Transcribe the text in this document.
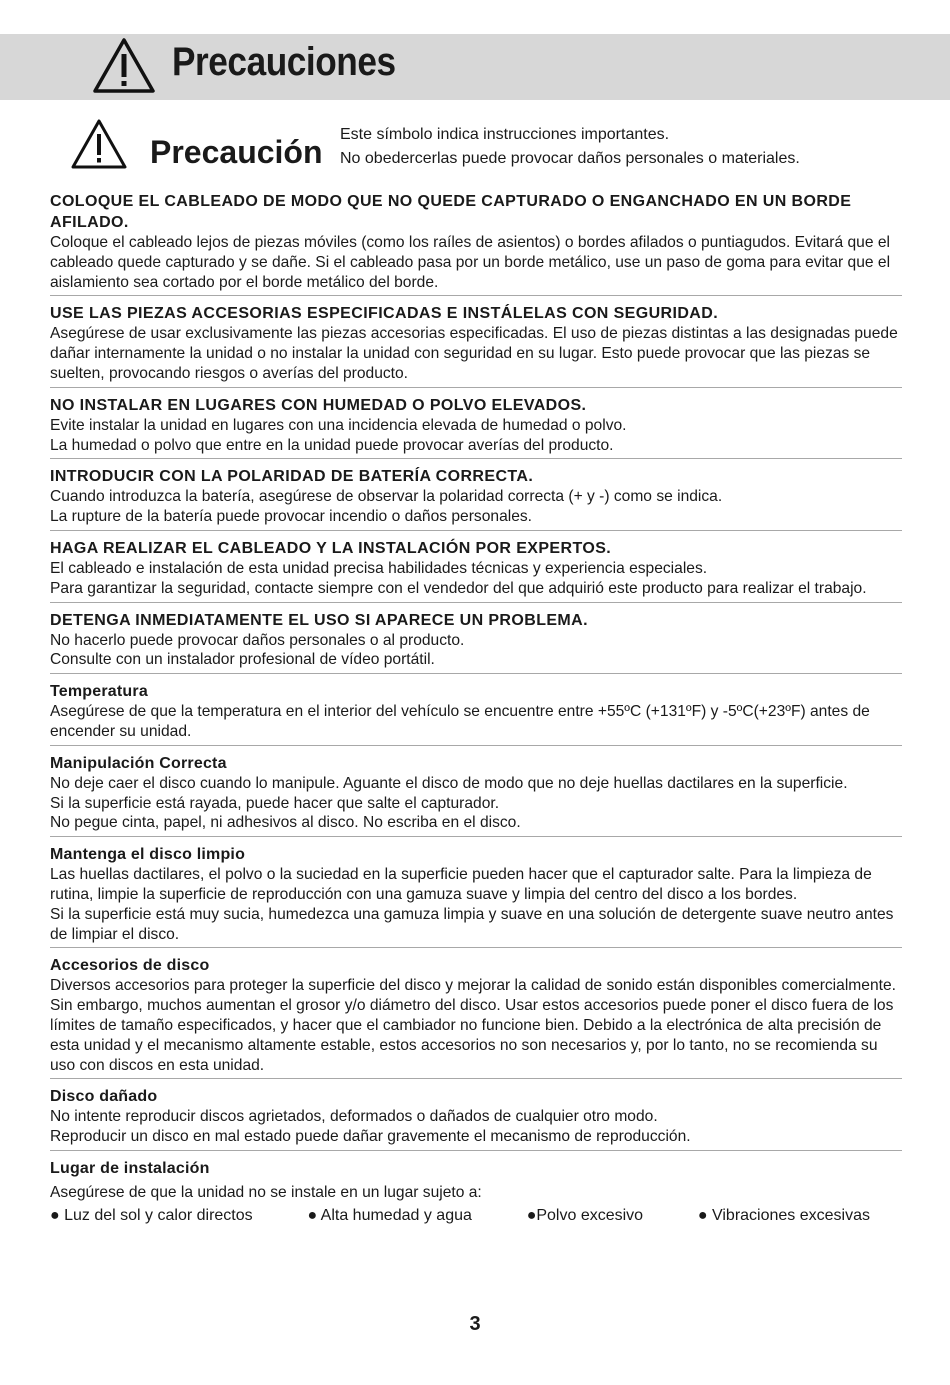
Precauciones
Precaución Este símbolo indica instrucciones importantes.
No obedercerlas puede provocar daños personales o materiales.
COLOQUE EL CABLEADO DE MODO QUE NO QUEDE CAPTURADO O ENGANCHADO EN UN BORDE AFILADO.
Coloque el cableado lejos de piezas móviles (como los raíles de asientos) o bordes afilados o puntiagudos. Evitará que el cableado quede capturado y se dañe. Si el cableado pasa por un borde metálico, use un paso de goma para evitar que el aislamiento sea cortado por el borde metálico del borde.
USE LAS PIEZAS ACCESORIAS ESPECIFICADAS E INSTÁLELAS CON SEGURIDAD.
Asegúrese de usar exclusivamente las piezas accesorias especificadas. El uso de piezas distintas a las designadas puede dañar internamente la unidad o no instalar la unidad con seguridad en su lugar. Esto puede provocar que las piezas se suelten, provocando riesgos o averías del producto.
NO INSTALAR EN LUGARES CON HUMEDAD O POLVO ELEVADOS.
Evite instalar la unidad en lugares con una incidencia elevada de humedad o polvo.
La humedad o polvo que entre en la unidad puede provocar averías del producto.
INTRODUCIR CON LA POLARIDAD DE BATERÍA CORRECTA.
Cuando introduzca la batería, asegúrese de observar la polaridad correcta (+ y -) como se indica.
La rupture de la batería puede provocar incendio o daños personales.
HAGA REALIZAR EL CABLEADO Y LA INSTALACIÓN POR EXPERTOS.
El cableado e instalación de esta unidad precisa habilidades técnicas y experiencia especiales.
Para garantizar la seguridad, contacte siempre con el vendedor del que adquirió este producto para realizar el trabajo.
DETENGA INMEDIATAMENTE EL USO SI APARECE UN PROBLEMA.
No hacerlo puede provocar daños personales o al producto.
Consulte con un instalador profesional de vídeo portátil.
Temperatura
Asegúrese de que la temperatura en el interior del vehículo se encuentre entre +55ºC (+131ºF) y -5ºC(+23ºF) antes de encender su unidad.
Manipulación Correcta
No deje caer el disco cuando lo manipule. Aguante el disco de modo que no deje huellas dactilares en la superficie.
Si la superficie está rayada, puede hacer que salte el capturador.
No pegue cinta, papel, ni adhesivos al disco. No escriba en el disco.
Mantenga el disco limpio
Las huellas dactilares, el polvo o la suciedad en la superficie pueden hacer que el capturador salte. Para la limpieza de rutina, limpie la superficie de reproducción con una gamuza suave y limpia del centro del disco a los bordes.
Si la superficie está muy sucia, humedezca una gamuza limpia y suave en una solución de detergente suave neutro antes de limpiar el disco.
Accesorios de disco
Diversos accesorios para proteger la superficie del disco y mejorar la calidad de sonido están disponibles comercialmente.
Sin embargo, muchos aumentan el grosor y/o diámetro del disco. Usar estos accesorios puede poner el disco fuera de los límites de tamaño especificados, y hacer que el cambiador no funcione bien. Debido a la electrónica de alta precisión de esta unidad y el mecanismo altamente estable, estos accesorios no son necesarios y, por lo tanto, no se recomienda su uso con discos en esta unidad.
Disco dañado
No intente reproducir discos agrietados, deformados o dañados de cualquier otro modo.
Reproducir un disco en mal estado puede dañar gravemente el mecanismo de reproducción.
Lugar de instalación
Asegúrese de que la unidad no se instale en un lugar sujeto a:
● Luz del sol y calor directos	● Alta humedad y agua	●Polvo excesivo	● Vibraciones excesivas
3
